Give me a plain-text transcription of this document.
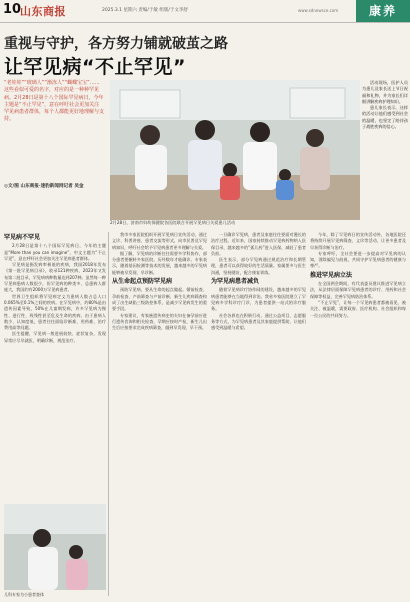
10
山东商报	2025.3.1 星期六 责编/于敏 组版/于文李舒	www.sdnewsce.com	康养
重视与守护，各方努力铺就破茧之路
让罕见病“不止罕见”
“老娃娃”“玻璃人”“渐冻人”“蝴蝶宝宝”……这些看似可爱的名字，对应的是一种种罕见病。2月28日是第十八个国际罕见病日，今年主题是“不止罕见”，意在呼吁社会更加关注罕见病患者群体，每个人都能更好地理解与支持。
◎文/图 山东商报·速豹新闻网记者 吴金
2月28日，济南市妇幼保健院各医院联合开展罕见病日关爱患儿活动

活动现场，医护人员为患儿及家长送上节日祝福和礼物，并为家长们详细讲解疾病护理知识。

患儿家长表示，这样的活动让他们感受到社会的温暖，也坚定了陪伴孩子战胜疾病的信心。

罕见病不罕见

2月28日是第十八个国际罕见病日，今年的主题是“More than you can imagine”，中文主题为“不止罕见”，意在呼吁社会更加关注罕见病患者群体。

罕见病是指发病率极低的疾病，我国2018年发布《第一批罕见病目录》，收录121种疾病，2023年又发布第二批目录，罕见病病种数量达到207种。虽然每一种罕见病患病人数很少，但罕见病的种类多、总患病人群庞大，我国约有2000万罕见病患者。

世界卫生组织将罕见病定义为患病人数占总人口0.065%至0.1%之间的疾病。在罕见病中，约80%是由遗传因素导致，50%在儿童期发病，许多罕见病为慢性、进行性、致残性甚至危及生命的疾病。由于患病人数少、认知度低，患者往往面临诊断难、用药难、治疗费用高等问题。

医生提醒，罕见病一般进展较快、症状复杂，发现异常应尽早就医，明确诊断，规范治疗。

儿科专家为小患者查体

我市多家医院组织开展罕见病日宣传活动，通过义诊、科普讲座、患者交流等形式，向市民普及罕见病知识，呼吁社会给予罕见病患者更多理解与关爱。

据了解，罕见病的诊断往往需要多学科协作，部分患者要辗转多家医院、历经数年才能确诊。专家表示，随着基因检测等技术的发展，越来越多的罕见病能够被早发现、早诊断。

从生命起点预防罕见病

预防罕见病，要从生命的起点做起。婚前检查、孕前检查、产前筛查与产前诊断、新生儿疾病筛查构成了出生缺陷三级防控体系，是减少罕见病发生的重要手段。

专家建议，有家族遗传病史的夫妇在备孕前应进行遗传咨询和相关检查，孕期应按时产检，新生儿出生后应按要求完成疾病筛查，做到早发现、早干预。

一旦确诊罕见病，患者及家庭往往要面对漫长的治疗过程。近年来，国家持续推动罕见病药物纳入医保目录，越来越多的“孤儿药”进入医保，减轻了患者负担。

医生表示，部分罕见病通过规范治疗和长期管理，患者可以获得较好的生活质量。家属要多与医生沟通，坚持随访，配合康复训练。

为罕见病患者减负

随着罕见病诊疗协作网的建设，越来越多的罕见病患者能够在当地得到诊治。我省多家医院建立了罕见病多学科诊疗门诊，为患者提供一站式的诊疗服务。

社会各界也在积极行动，通过公益项目、志愿服务等方式，为罕见病患者及其家庭提供帮助，让他们感受到温暖与希望。

今年，除了罕见病日的宣传活动外，各地医院还将持续开展罕见病筛查、义诊等活动，让更多患者及早获得诊断与治疗。

专家呼吁，全社会要进一步提高对罕见病的认知，消除偏见与歧视，共同守护罕见病患者的健康与尊严。

推进罕见病立法

在全国两会期间，有代表委员建议推进罕见病立法，从法律层面保障罕见病患者的诊疗、用药和社会保障等权益，完善罕见病防治体系。

“不止罕见”，让每一个罕见病患者都被看见、被关注、被温暖，需要政府、医疗机构、社会组织和每一位公民的共同努力。
